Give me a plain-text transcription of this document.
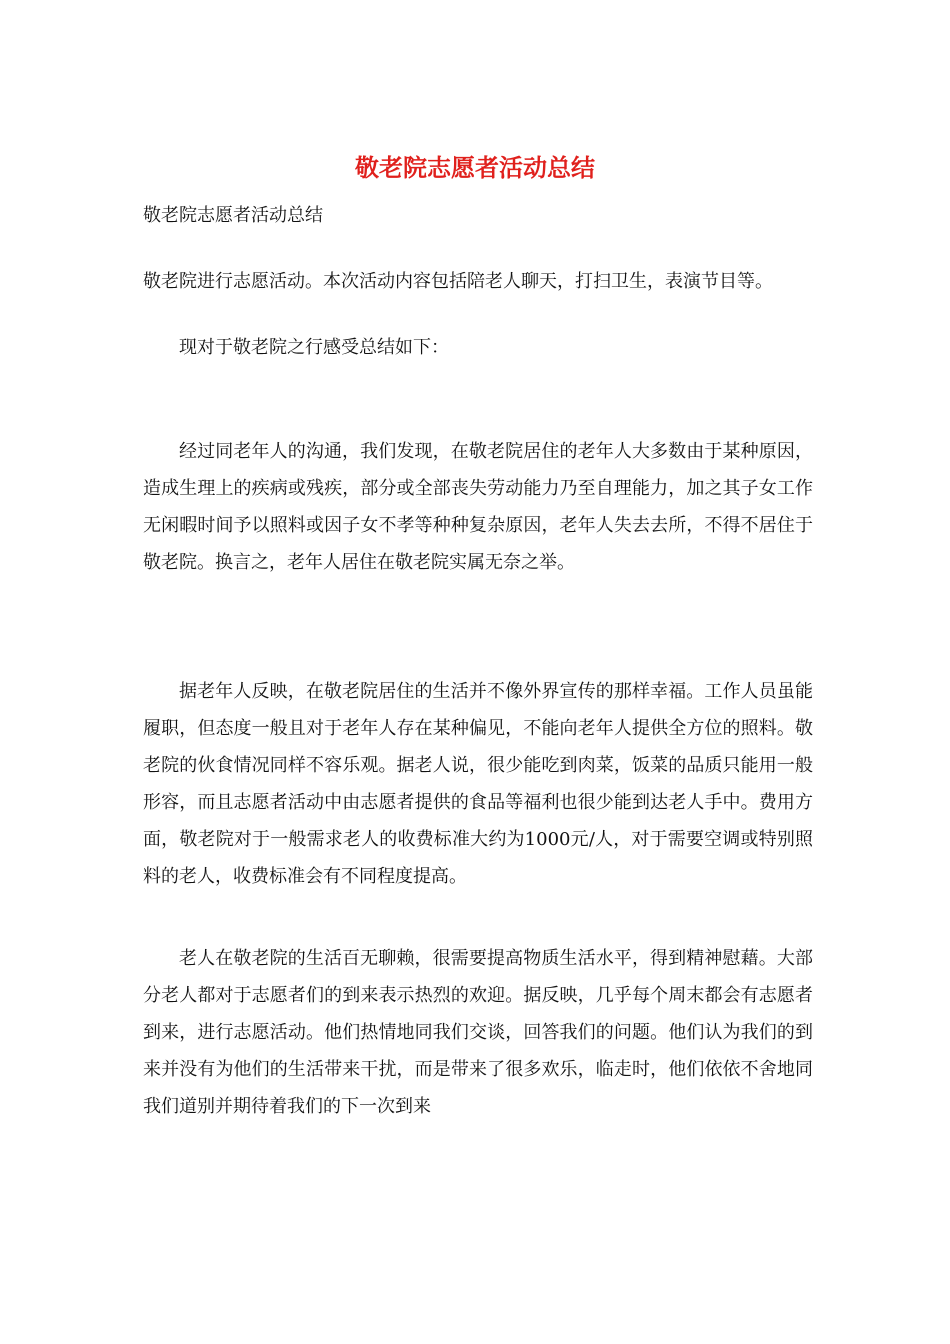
敬老院志愿者活动总结

敬老院志愿者活动总结

敬老院进行志愿活动。本次活动内容包括陪老人聊天，打扫卫生，表演节目等。

现对于敬老院之行感受总结如下：

经过同老年人的沟通，我们发现，在敬老院居住的老年人大多数由于某种原因，造成生理上的疾病或残疾，部分或全部丧失劳动能力乃至自理能力，加之其子女工作无闲暇时间予以照料或因子女不孝等种种复杂原因，老年人失去去所，不得不居住于敬老院。换言之，老年人居住在敬老院实属无奈之举。

据老年人反映，在敬老院居住的生活并不像外界宣传的那样幸福。工作人员虽能履职，但态度一般且对于老年人存在某种偏见，不能向老年人提供全方位的照料。敬老院的伙食情况同样不容乐观。据老人说，很少能吃到肉菜，饭菜的品质只能用一般形容，而且志愿者活动中由志愿者提供的食品等福利也很少能到达老人手中。费用方面，敬老院对于一般需求老人的收费标准大约为1000元/人，对于需要空调或特别照料的老人，收费标准会有不同程度提高。

老人在敬老院的生活百无聊赖，很需要提高物质生活水平，得到精神慰藉。大部分老人都对于志愿者们的到来表示热烈的欢迎。据反映，几乎每个周末都会有志愿者到来，进行志愿活动。他们热情地同我们交谈，回答我们的问题。他们认为我们的到来并没有为他们的生活带来干扰，而是带来了很多欢乐，临走时，他们依依不舍地同我们道别并期待着我们的下一次到来
